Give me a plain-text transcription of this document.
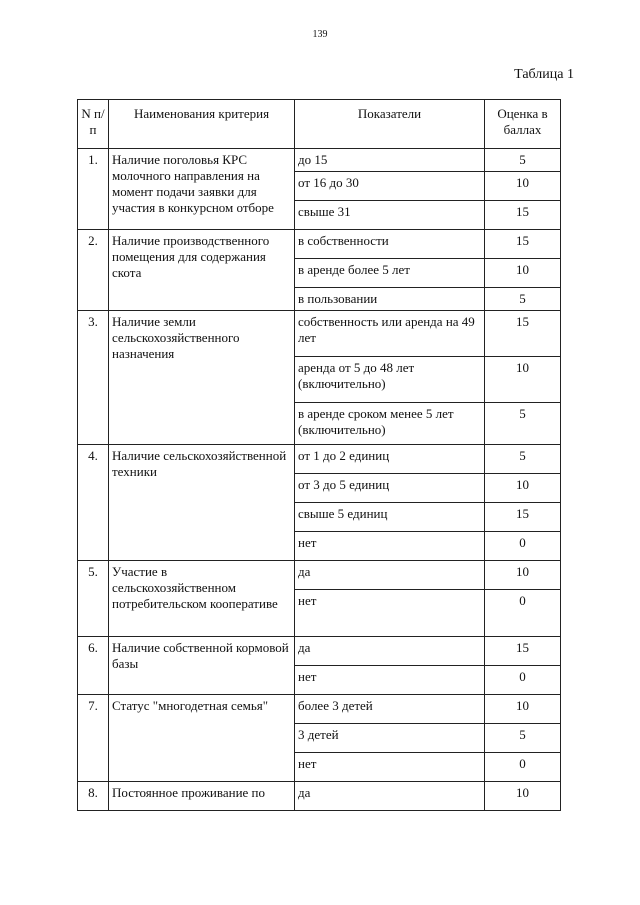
139
Таблица 1
N п/п	Наименования критерия	Показатели	Оценка в баллах
1.	Наличие поголовья КРС молочного направления на момент подачи заявки для участия в конкурсном отборе	до 15	5
		от 16 до 30	10
		свыше 31	15
2.	Наличие производственного помещения для содержания скота	в собственности	15
		в аренде более 5 лет	10
		в пользовании	5
3.	Наличие земли сельскохозяйственного назначения	собственность или аренда на 49 лет	15
		аренда от 5 до 48 лет (включительно)	10
		в аренде сроком менее 5 лет (включительно)	5
4.	Наличие сельскохозяйственной техники	от 1 до 2 единиц	5
		от 3 до 5 единиц	10
		свыше 5 единиц	15
		нет	0
5.	Участие в сельскохозяйственном потребительском кооперативе	да	10
		нет	0
6.	Наличие собственной кормовой базы	да	15
		нет	0
7.	Статус "многодетная семья"	более 3 детей	10
		3 детей	5
		нет	0
8.	Постоянное проживание по	да	10
